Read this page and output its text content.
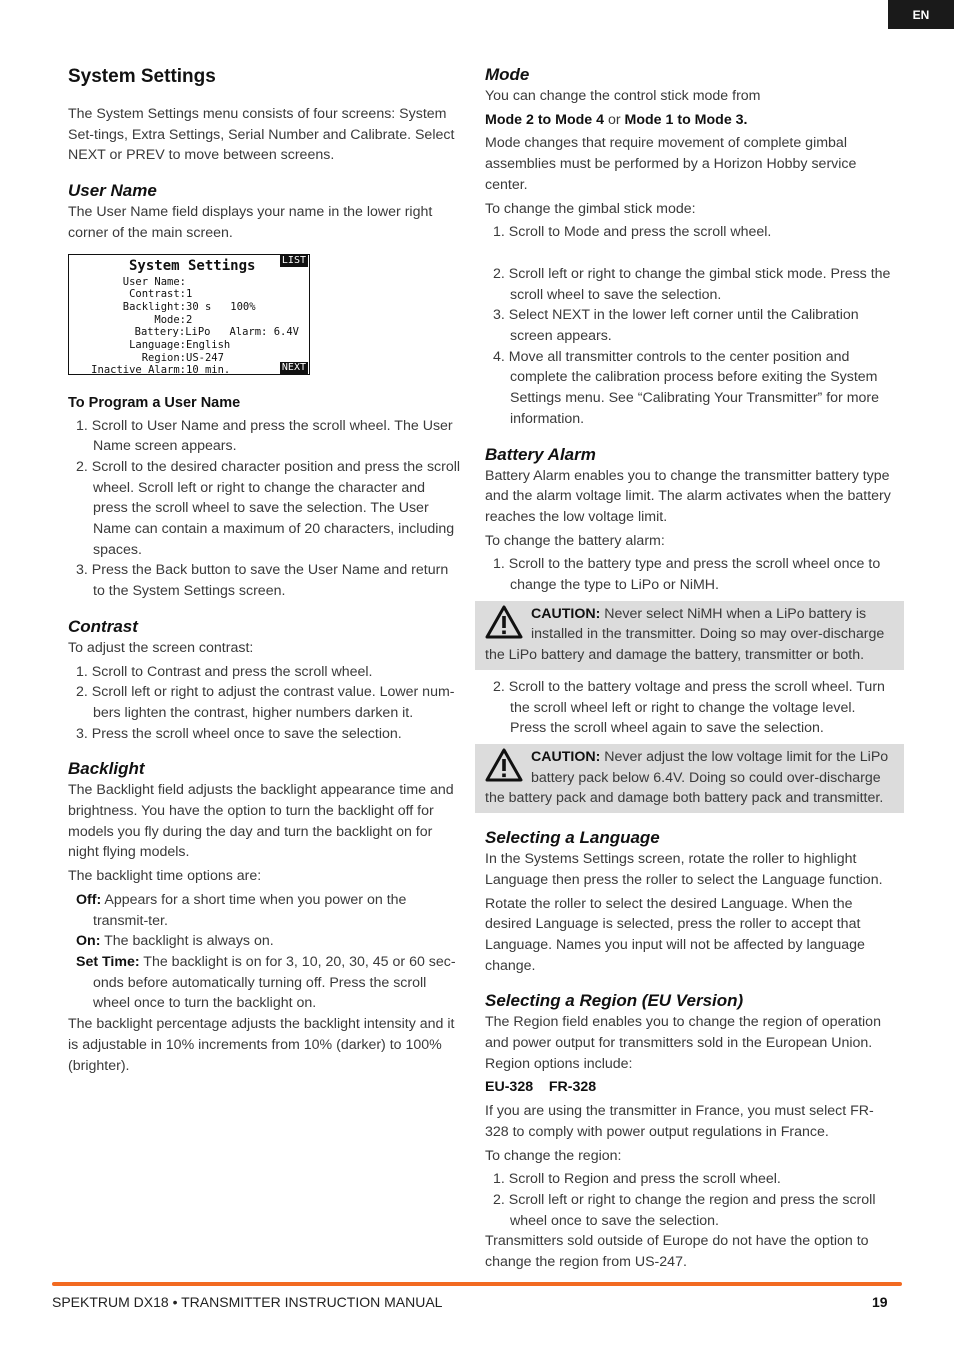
EN
System Settings

The System Settings menu consists of four screens: System Set-tings, Extra Settings, Serial Number and Calibrate. Select NEXT or PREV to move between screens.

User Name

The User Name field displays your name in the lower right corner of the main screen.

System Settings	LIST
User Name:
Contrast: 1
Backlight: 30 s   100%
Mode: 2
Battery: LiPo   Alarm: 6.4V
Language: English
Region: US-247
Inactive Alarm: 10 min.	NEXT
To Program a User Name
1. Scroll to User Name and press the scroll wheel. The User Name screen appears.
2. Scroll to the desired character position and press the scroll wheel. Scroll left or right to change the character and press the scroll wheel to save the selection. The User Name can contain a maximum of 20 characters, including spaces.
3. Press the Back button to save the User Name and return to the System Settings screen.
Contrast

To adjust the screen contrast:

1. Scroll to Contrast and press the scroll wheel.
2. Scroll left or right to adjust the contrast value. Lower num-bers lighten the contrast, higher numbers darken it.
3. Press the scroll wheel once to save the selection.
Backlight

The Backlight field adjusts the backlight appearance time and brightness. You have the option to turn the backlight off for models you fly during the day and turn the backlight on for night flying models.

The backlight time options are:

Off: Appears for a short time when you power on the transmit-ter.
On: The backlight is always on.
Set Time: The backlight is on for 3, 10, 20, 30, 45 or 60 sec-onds before automatically turning off. Press the scroll wheel once to turn the backlight on.

The backlight percentage adjusts the backlight intensity and it is adjustable in 10% increments from 10% (darker) to 100% (brighter).

Mode

You can change the control stick mode from

Mode 2 to Mode 4 or Mode 1 to Mode 3.

Mode changes that require movement of complete gimbal assemblies must be performed by a Horizon Hobby service center.

To change the gimbal stick mode:

1. Scroll to Mode and press the scroll wheel.
2. Scroll left or right to change the gimbal stick mode. Press the scroll wheel to save the selection.
3. Select NEXT in the lower left corner until the Calibration screen appears.
4. Move all transmitter controls to the center position and complete the calibration process before exiting the System Settings menu. See “Calibrating Your Transmitter” for more information.
Battery Alarm

Battery Alarm enables you to change the transmitter battery type and the alarm voltage limit. The alarm activates when the battery reaches the low voltage limit.

To change the battery alarm:

1. Scroll to the battery type and press the scroll wheel once to change the type to LiPo or NiMH.
CAUTION: Never select NiMH when a LiPo battery is installed in the transmitter. Doing so may over-discharge the LiPo battery and damage the battery, transmitter or both.
2. Scroll to the battery voltage and press the scroll wheel. Turn the scroll wheel left or right to change the voltage level. Press the scroll wheel again to save the selection.
CAUTION: Never adjust the low voltage limit for the LiPo battery pack below 6.4V. Doing so could over-discharge the battery pack and damage both battery pack and transmitter.
Selecting a Language

In the Systems Settings screen, rotate the roller to highlight Language then press the roller to select the Language function.

Rotate the roller to select the desired Language. When the desired Language is selected, press the roller to accept that Language. Names you input will not be affected by language change.

Selecting a Region (EU Version)

The Region field enables you to change the region of operation and power output for transmitters sold in the European Union. Region options include:

EU-328    FR-328

If you are using the transmitter in France, you must select FR-328 to comply with power output regulations in France.

To change the region:

1. Scroll to Region and press the scroll wheel.
2. Scroll left or right to change the region and press the scroll wheel once to save the selection.

Transmitters sold outside of Europe do not have the option to change the region from US-247.

SPEKTRUM DX18 • TRANSMITTER INSTRUCTION MANUAL	19
